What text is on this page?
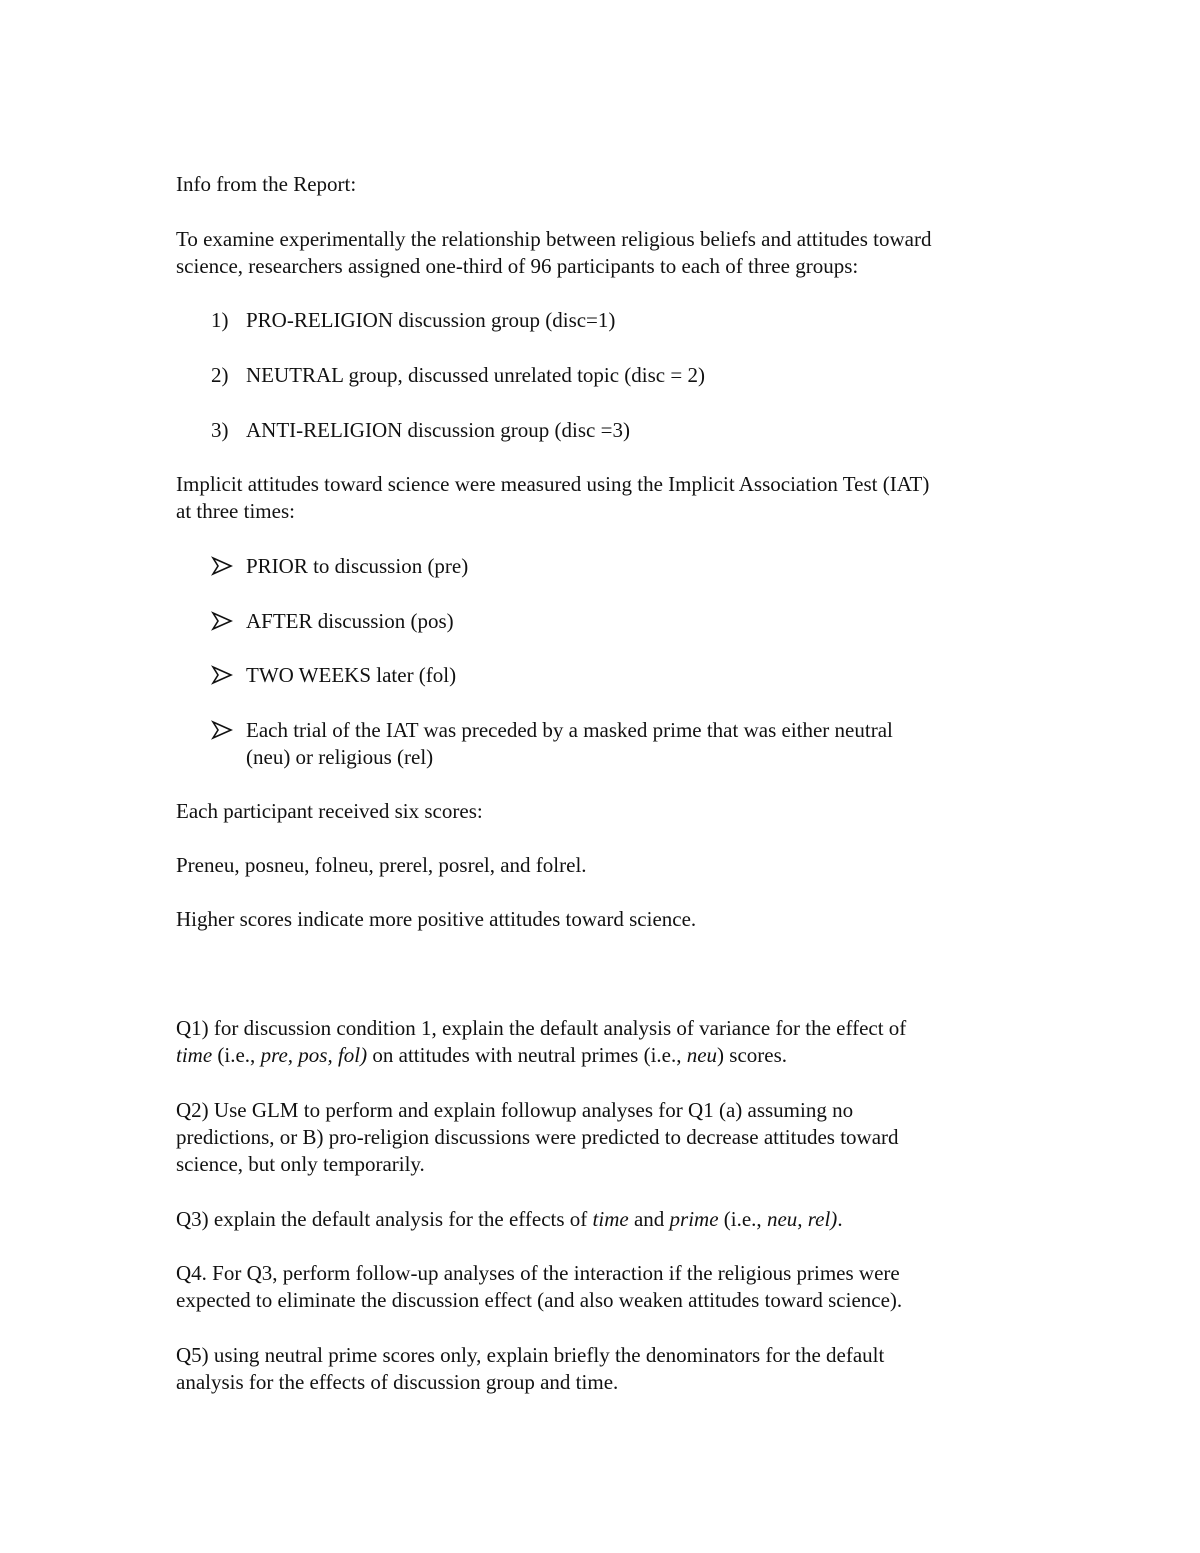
Info from the Report:
To examine experimentally the relationship between religious beliefs and attitudes toward
science, researchers assigned one-third of 96 participants to each of three groups:
1) PRO-RELIGION discussion group (disc=1)
2) NEUTRAL group, discussed unrelated topic (disc = 2)
3) ANTI-RELIGION discussion group (disc =3)
Implicit attitudes toward science were measured using the Implicit Association Test (IAT)
at three times:
PRIOR to discussion (pre)
AFTER discussion (pos)
TWO WEEKS later (fol)
Each trial of the IAT was preceded by a masked prime that was either neutral
(neu) or religious (rel)
Each participant received six scores:
Preneu, posneu, folneu, prerel, posrel, and folrel.
Higher scores indicate more positive attitudes toward science.
Q1) for discussion condition 1, explain the default analysis of variance for the effect of
time (i.e., pre, pos, fol) on attitudes with neutral primes (i.e., neu) scores.
Q2) Use GLM to perform and explain followup analyses for Q1 (a) assuming no
predictions, or B) pro-religion discussions were predicted to decrease attitudes toward
science, but only temporarily.
Q3) explain the default analysis for the effects of time and prime (i.e., neu, rel).
Q4. For Q3, perform follow-up analyses of the interaction if the religious primes were
expected to eliminate the discussion effect (and also weaken attitudes toward science).
Q5) using neutral prime scores only, explain briefly the denominators for the default
analysis for the effects of discussion group and time.
